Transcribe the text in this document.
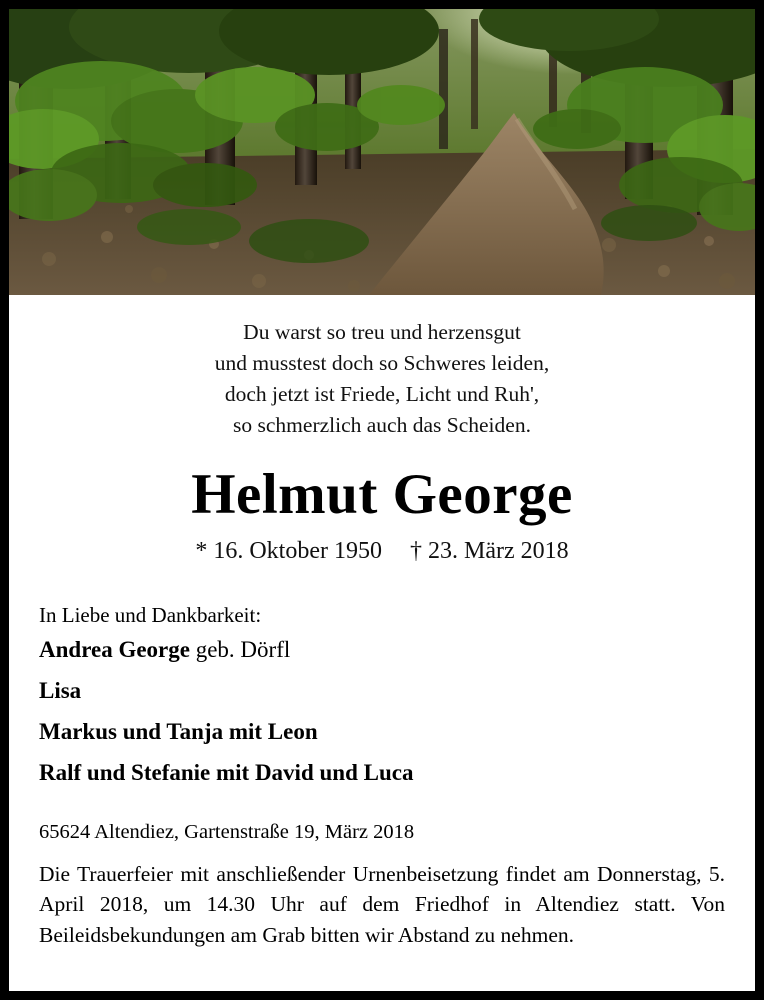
Du warst so treu und herzensgut
und musstest doch so Schweres leiden,
doch jetzt ist Friede, Licht und Ruh',
so schmerzlich auch das Scheiden.
Helmut George
* 16. Oktober 1950 † 23. März 2018
In Liebe und Dankbarkeit:
Andrea George geb. Dörfl
Lisa
Markus und Tanja mit Leon
Ralf und Stefanie mit David und Luca
65624 Altendiez, Gartenstraße 19, März 2018
Die Trauerfeier mit anschließender Urnenbeisetzung findet am Donnerstag, 5. April 2018, um 14.30 Uhr auf dem Friedhof in Altendiez statt. Von Beileidsbekundungen am Grab bitten wir Abstand zu nehmen.
